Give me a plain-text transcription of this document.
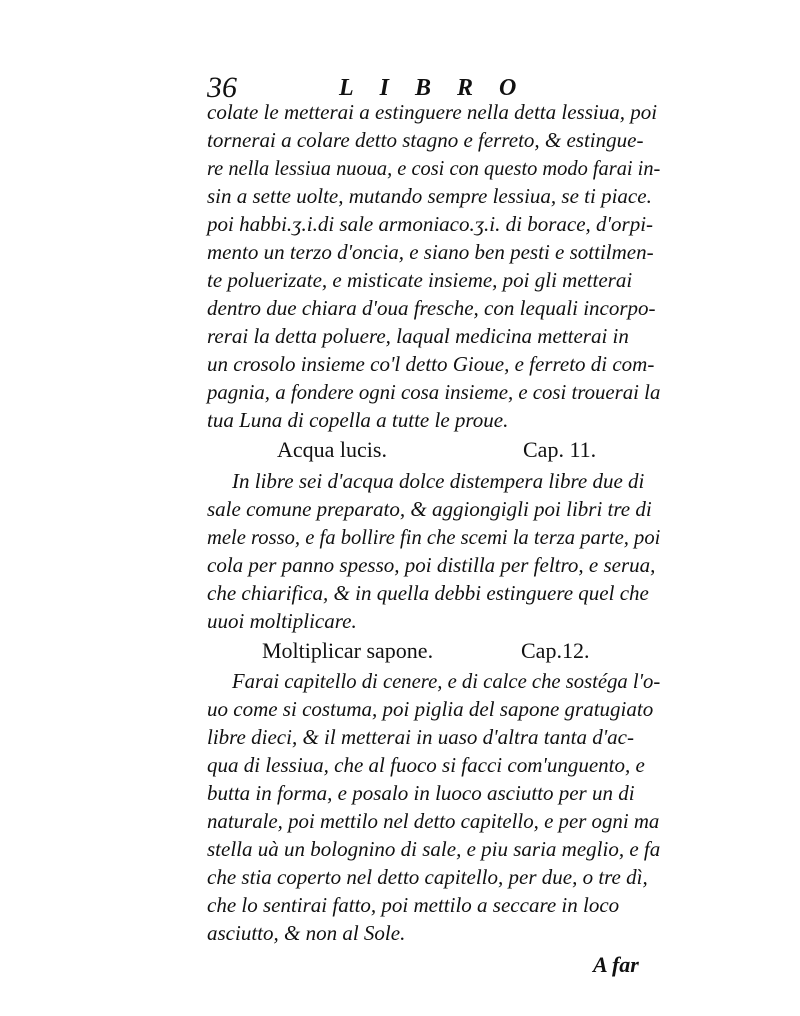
36	LIBRO
colate le metterai a estinguere nella detta lessiua, poi
tornerai a colare detto stagno e ferreto, & estingue-
re nella lessiua nuoua, e cosi con questo modo farai in-
sin a sette uolte, mutando sempre lessiua, se ti piace.
poi habbi.ʒ.i.di sale armoniaco.ʒ.i. di borace, d'orpi-
mento un terzo d'oncia, e siano ben pesti e sottilmen-
te poluerizate, e misticate insieme, poi gli metterai
dentro due chiara d'oua fresche, con lequali incorpo-
rerai la detta poluere, laqual medicina metterai in
un crosolo insieme co'l detto Gioue, e ferreto di com-
pagnia, a fondere ogni cosa insieme, e cosi trouerai la
tua Luna di copella a tutte le proue.
Acqua lucis.	Cap. 11.
In libre sei d'acqua dolce distempera libre due di
sale comune preparato, & aggiongigli poi libri tre di
mele rosso, e fa bollire fin che scemi la terza parte, poi
cola per panno spesso, poi distilla per feltro, e serua,
che chiarifica, & in quella debbi estinguere quel che
uuoi moltiplicare.
Moltiplicar sapone.	Cap.12.
Farai capitello di cenere, e di calce che sostéga l'o-
uo come si costuma, poi piglia del sapone gratugiato
libre dieci, & il metterai in uaso d'altra tanta d'ac-
qua di lessiua, che al fuoco si facci com'unguento, e
butta in forma, e posalo in luoco asciutto per un di
naturale, poi mettilo nel detto capitello, e per ogni ma
stella uà un bolognino di sale, e piu saria meglio, e fa
che stia coperto nel detto capitello, per due, o tre dì,
che lo sentirai fatto, poi mettilo a seccare in loco
asciutto, & non al Sole.
A far
